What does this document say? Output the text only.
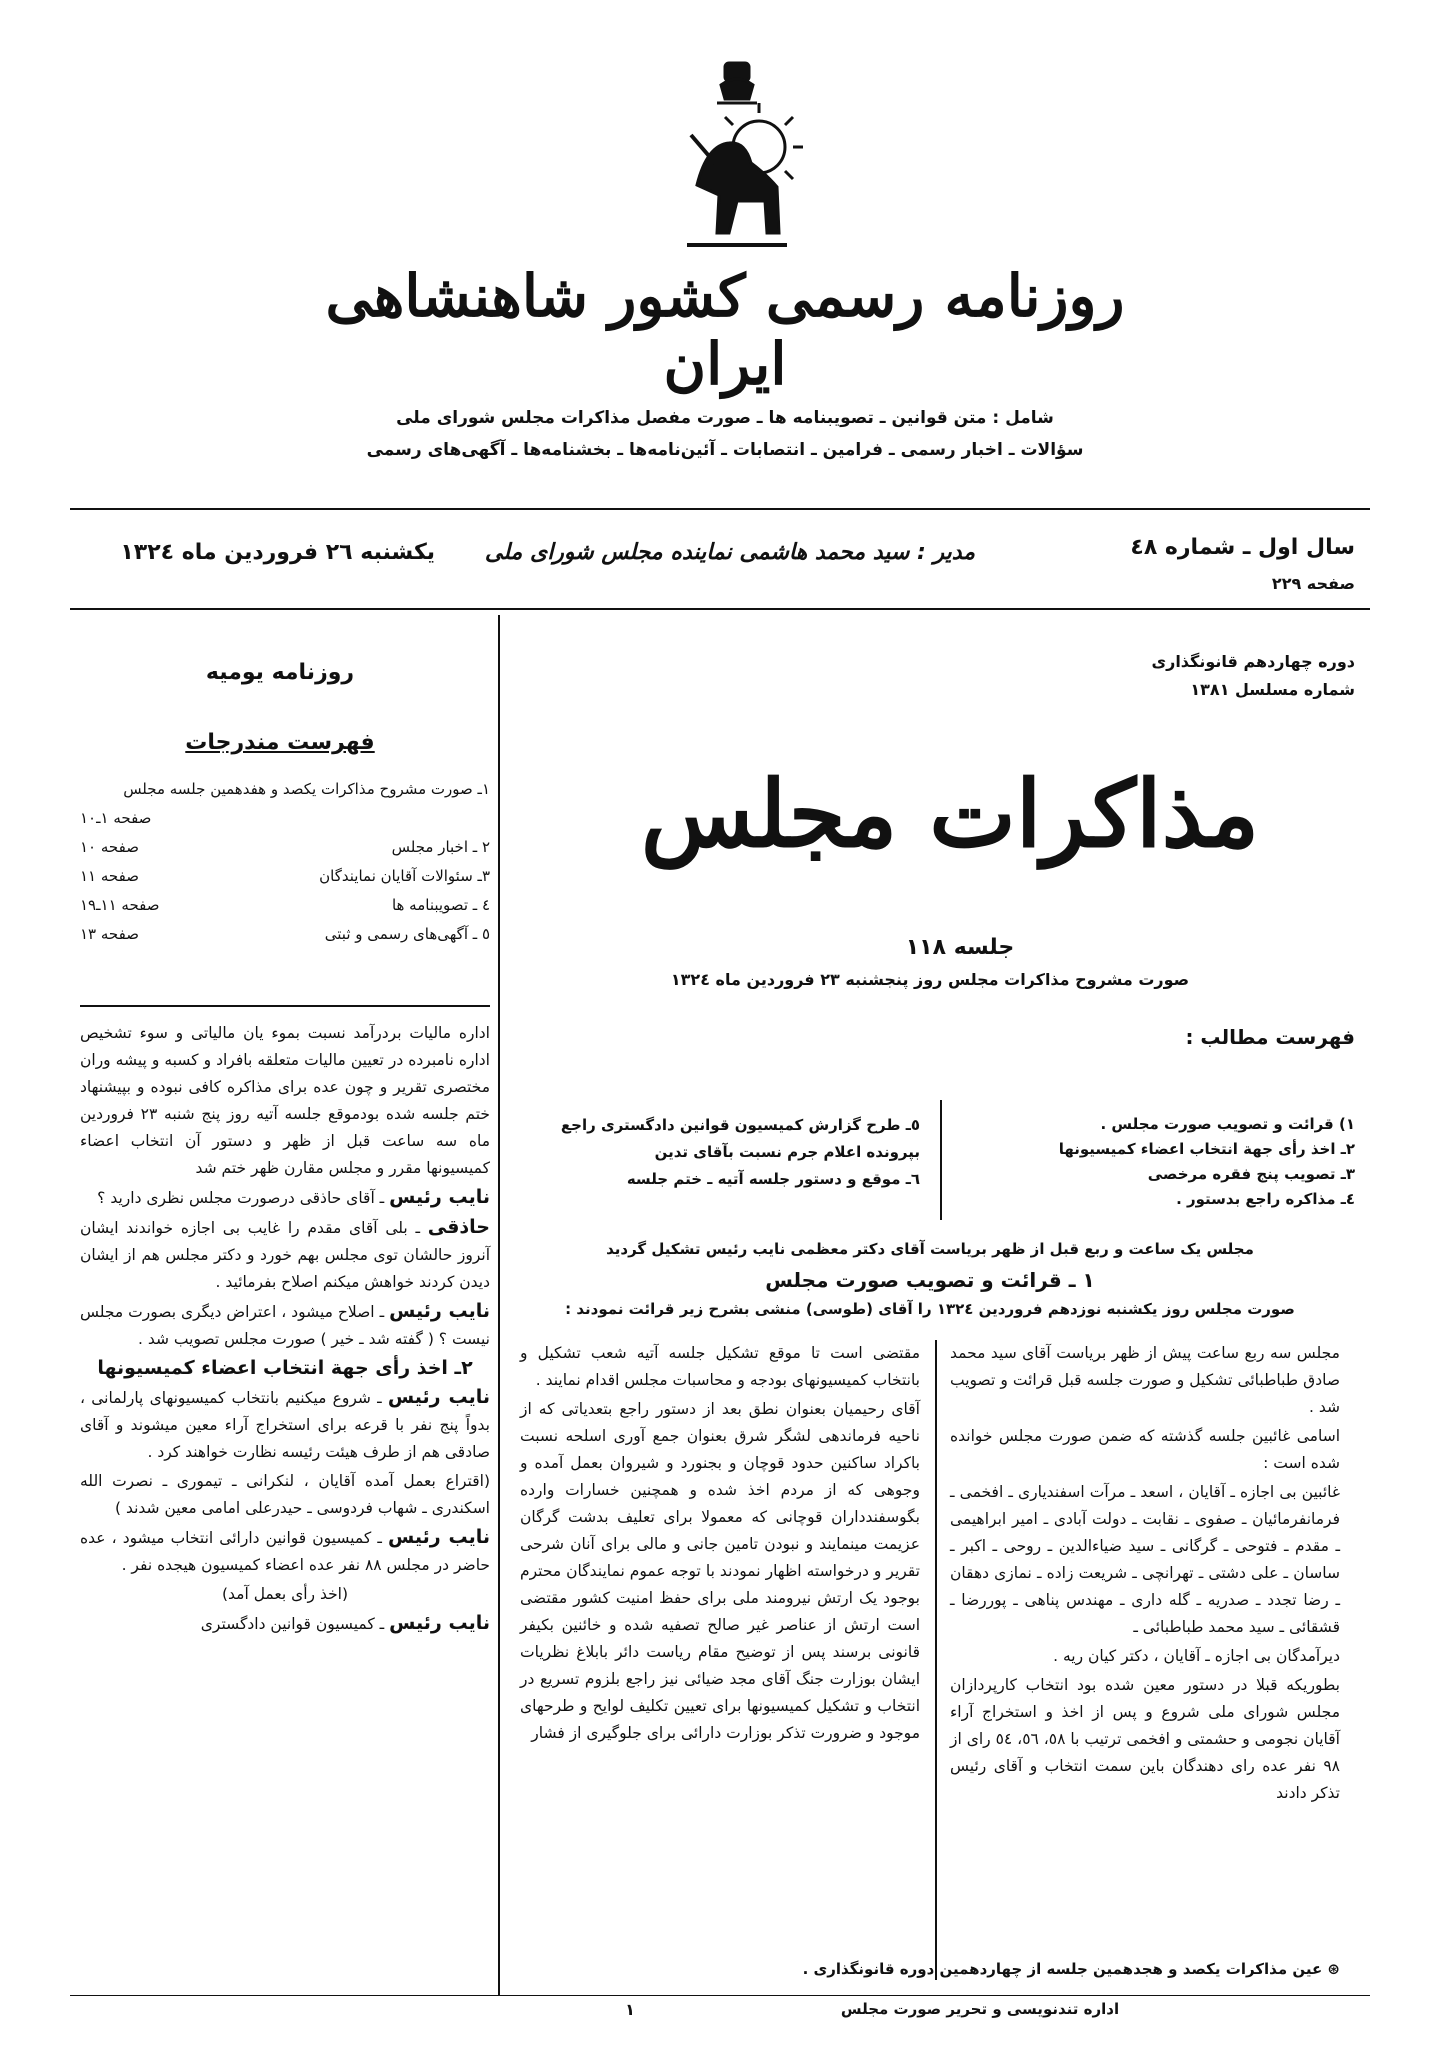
روزنامه رسمی کشور شاهنشاهی ایران
شامل : متن قوانین ـ تصویبنامه ها ـ صورت مفصل مذاکرات مجلس شورای ملی
سؤالات ـ اخبار رسمی ـ فرامین ـ انتصابات ـ آئین‌نامه‌ها ـ بخشنامه‌ها ـ آگهی‌های رسمی
سال اول ـ شماره ٤٨
صفحه ٢٢٩
مدیر : سید محمد هاشمی نماینده مجلس شورای ملی
یکشنبه ٢٦ فروردین ماه ١٣٢٤
روزنامه یومیه
فهرست مندرجات
١ـ صورت مشروح مذاکرات یکصد و هفدهمین جلسه مجلس
صفحه ١ـ١٠
٢ ـ اخبار مجلس
صفحه ١٠
٣ـ سئوالات آقایان نمایندگان
صفحه ١١
٤ ـ تصویبنامه ها
صفحه ١١ـ١٩
٥ ـ آگهی‌های رسمی و ثبتی
صفحه ١٣

اداره مالیات بردرآمد نسبت بموء یان مالیاتی و سوء تشخیص اداره نامبرده در تعیین مالیات متعلقه بافراد و کسبه و پیشه وران مختصری تقریر و چون عده برای مذاکره کافی نبوده و بپیشنهاد ختم جلسه شده بودموقع جلسه آتیه روز پنج شنبه ٢٣ فروردین ماه سه ساعت قبل از ظهر و دستور آن انتخاب اعضاء کمیسیونها مقرر و مجلس مقارن ظهر ختم شد

نایب رئیس ـ آقای حاذقی درصورت مجلس نظری دارید ؟

حاذقی ـ بلی آقای مقدم را غایب بی اجازه خواندند ایشان آنروز حالشان توی مجلس بهم خورد و دکتر مجلس هم از ایشان دیدن کردند خواهش میکنم اصلاح بفرمائید .

نایب رئیس ـ اصلاح میشود ، اعتراض دیگری بصورت مجلس نیست ؟ ( گفته شد ـ خیر ) صورت مجلس تصویب شد .

٢ـ اخذ رأی جهة انتخاب اعضاء کمیسیونها

نایب رئیس ـ شروع میکنیم بانتخاب کمیسیونهای پارلمانی ، بدواً پنج نفر با قرعه برای استخراج آراء معین میشوند و آقای صادقی هم از طرف هیئت رئیسه نظارت خواهند کرد .

(اقتراع بعمل آمده آقایان ، لنکرانی ـ تیموری ـ نصرت الله اسکندری ـ شهاب فردوسی ـ حیدرعلی امامی معین شدند )

نایب رئیس ـ کمیسیون قوانین دارائی انتخاب میشود ، عده حاضر در مجلس ٨٨ نفر عده اعضاء کمیسیون هیجده نفر .

(اخذ رأی بعمل آمد)

نایب رئیس ـ کمیسیون قوانین دادگستری

دوره چهاردهم قانونگذاری
شماره مسلسل ١٣٨١
مذاکرات مجلس
جلسه ١١٨
صورت مشروح مذاکرات مجلس روز پنجشنبه ٢٣ فروردین ماه ١٣٢٤
فهرست مطالب :
١) قرائت و تصویب صورت مجلس .
٢ـ اخذ رأی جهة انتخاب اعضاء کمیسیونها
٣ـ تصویب پنج فقره مرخصی
٤ـ مذاکره راجع بدستور .
٥ـ طرح گزارش کمیسیون قوانین دادگستری راجع بپرونده اعلام جرم نسبت بآقای تدین
٦ـ موقع و دستور جلسه آتیه ـ ختم جلسه
مجلس یک ساعت و ربع قبل از ظهر بریاست آقای دکتر معظمی نایب رئیس تشکیل گردید
١ ـ قرائت و تصویب صورت مجلس
صورت مجلس روز یکشنبه نوزدهم فروردین ١٣٢٤ را آقای (طوسی) منشی بشرح زیر قرائت نمودند :

مجلس سه ربع ساعت پیش از ظهر بریاست آقای سید محمد صادق طباطبائی تشکیل و صورت جلسه قبل قرائت و تصویب شد .

اسامی غائبین جلسه گذشته که ضمن صورت مجلس خوانده شده است :

غائبین بی اجازه ـ آقایان ، اسعد ـ مرآت اسفندیاری ـ افخمی ـ فرمانفرمائیان ـ صفوی ـ نقابت ـ دولت آبادی ـ امیر ابراهیمی ـ مقدم ـ فتوحی ـ گرگانی ـ سید ضیاءالدین ـ روحی ـ اکبر ـ ساسان ـ علی دشتی ـ تهرانچی ـ شریعت زاده ـ نمازی دهقان ـ رضا تجدد ـ صدریه ـ گله داری ـ مهندس پناهی ـ پوررضا ـ قشقائی ـ سید محمد طباطبائی ـ

دیرآمدگان بی اجازه ـ آقایان ، دکتر کیان ریه .

بطوریکه قبلا در دستور معین شده بود انتخاب کارپردازان مجلس شورای ملی شروع و پس از اخذ و استخراج آراء آقایان نجومی و حشمتی و افخمی ترتیب با ٥٨، ٥٦، ٥٤ رای از ٩٨ نفر عده رای دهندگان باین سمت انتخاب و آقای رئیس تذکر دادند

مقتضی است تا موقع تشکیل جلسه آتیه شعب تشکیل و بانتخاب کمیسیونهای بودجه و محاسبات مجلس اقدام نمایند .

آقای رحیمیان بعنوان نطق بعد از دستور راجع بتعدیاتی که از ناحیه فرماندهی لشگر شرق بعنوان جمع آوری اسلحه نسبت باکراد ساکنین حدود قوچان و بجنورد و شیروان بعمل آمده و وجوهی که از مردم اخذ شده و همچنین خسارات وارده بگوسفندداران قوچانی که معمولا برای تعلیف بدشت گرگان عزیمت مینمایند و نبودن تامین جانی و مالی برای آنان شرحی تقریر و درخواسته اظهار نمودند با توجه عموم نمایندگان محترم بوجود یک ارتش نیرومند ملی برای حفظ امنیت کشور مقتضی است ارتش از عناصر غیر صالح تصفیه شده و خائنین بکیفر قانونی برسند پس از توضیح مقام ریاست دائر بابلاغ نظریات ایشان بوزارت جنگ آقای مجد ضیائی نیز راجع بلزوم تسریع در انتخاب و تشکیل کمیسیونها برای تعیین تکلیف لوایح و طرحهای موجود و ضرورت تذکر بوزارت دارائی برای جلوگیری از فشار

⊛ عین مذاکرات یکصد و هجدهمین جلسه از چهاردهمین دوره قانونگذاری .
١	اداره تندنویسی و تحریر صورت مجلس
